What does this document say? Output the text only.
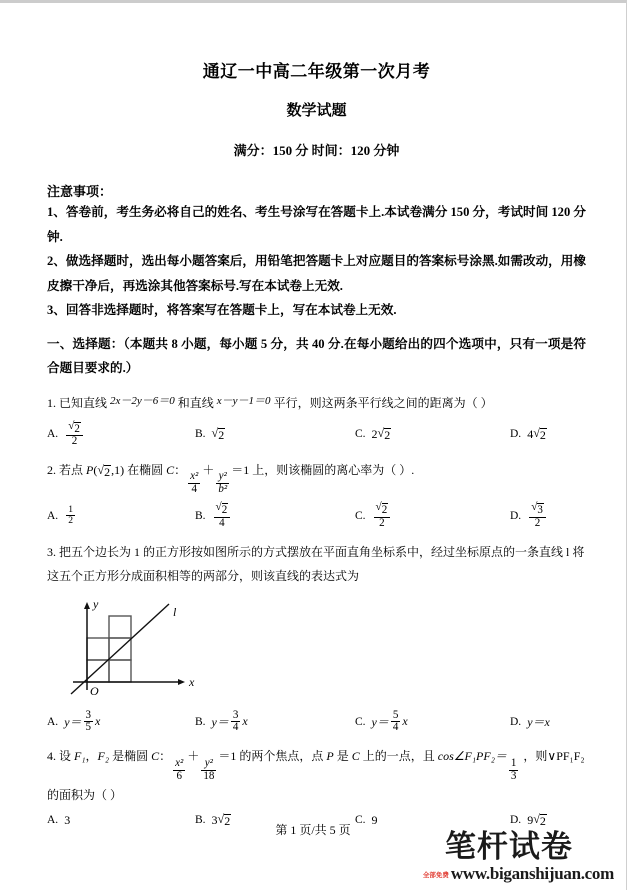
通辽一中高二年级第一次月考
数学试题
满分：150 分 时间：120 分钟
注意事项：

1、答卷前，考生务必将自己的姓名、考生号涂写在答题卡上.本试卷满分 150 分，考试时间 120 分钟.

2、做选择题时，选出每小题答案后，用铅笔把答题卡上对应题目的答案标号涂黑.如需改动，用橡皮擦干净后，再选涂其他答案标号.写在本试卷上无效.

3、回答非选择题时，将答案写在答题卡上，写在本试卷上无效.

一、选择题：（本题共 8 小题，每小题 5 分，共 40 分.在每小题给出的四个选项中，只有一项是符合题目要求的.）
1. 已知直线 2x－2y－6＝0 和直线 x－y－1＝0 平行，则这两条平行线之间的距离为（ ）
A. $\frac{√ 2}{2}$	B. √ 2	C. 2 √ 2	D. 4 √ 2
2. 若点 P( √ 2 ,1) 在椭圆 C：
$\frac{\text{x²}}{4}$
＋
$\frac{\text{y²}}{\text{b²}}$
＝1 上，则该椭圆的离心率为（ ）.
A. $\frac{1}{2}$	B. $\frac{√ 2}{4}$	C. $\frac{√ 2}{2}$	D. $\frac{√ 3}{2}$
3. 把五个边长为 1 的正方形按如图所示的方式摆放在平面直角坐标系中，经过坐标原点的一条直线 l 将这五个正方形分成面积相等的两部分，则该直线的表达式为
y
x
O
l
A. $y= \frac{3}{5}$ x	B. $y= \frac{3}{4}$ x	C. $y= \frac{5}{4}$ x	D. y＝x
4. 设 F₁，F₂ 是椭圆 C：
$\frac{\text{x²}}{6}$
＋
$\frac{\text{y²}}{18}$
＝1 的两个焦点，点 P 是 C 上的一点，且 cos∠F₁PF₂＝
$\frac{1}{3}$
，则∨PF₁F₂ 的面积为（ ）
A. 3	B. 3 √ 2	C. 9	D. 9 √ 2
第 1 页/共 5 页	笔杆试卷
全部免费 www.biganshijuan.com
